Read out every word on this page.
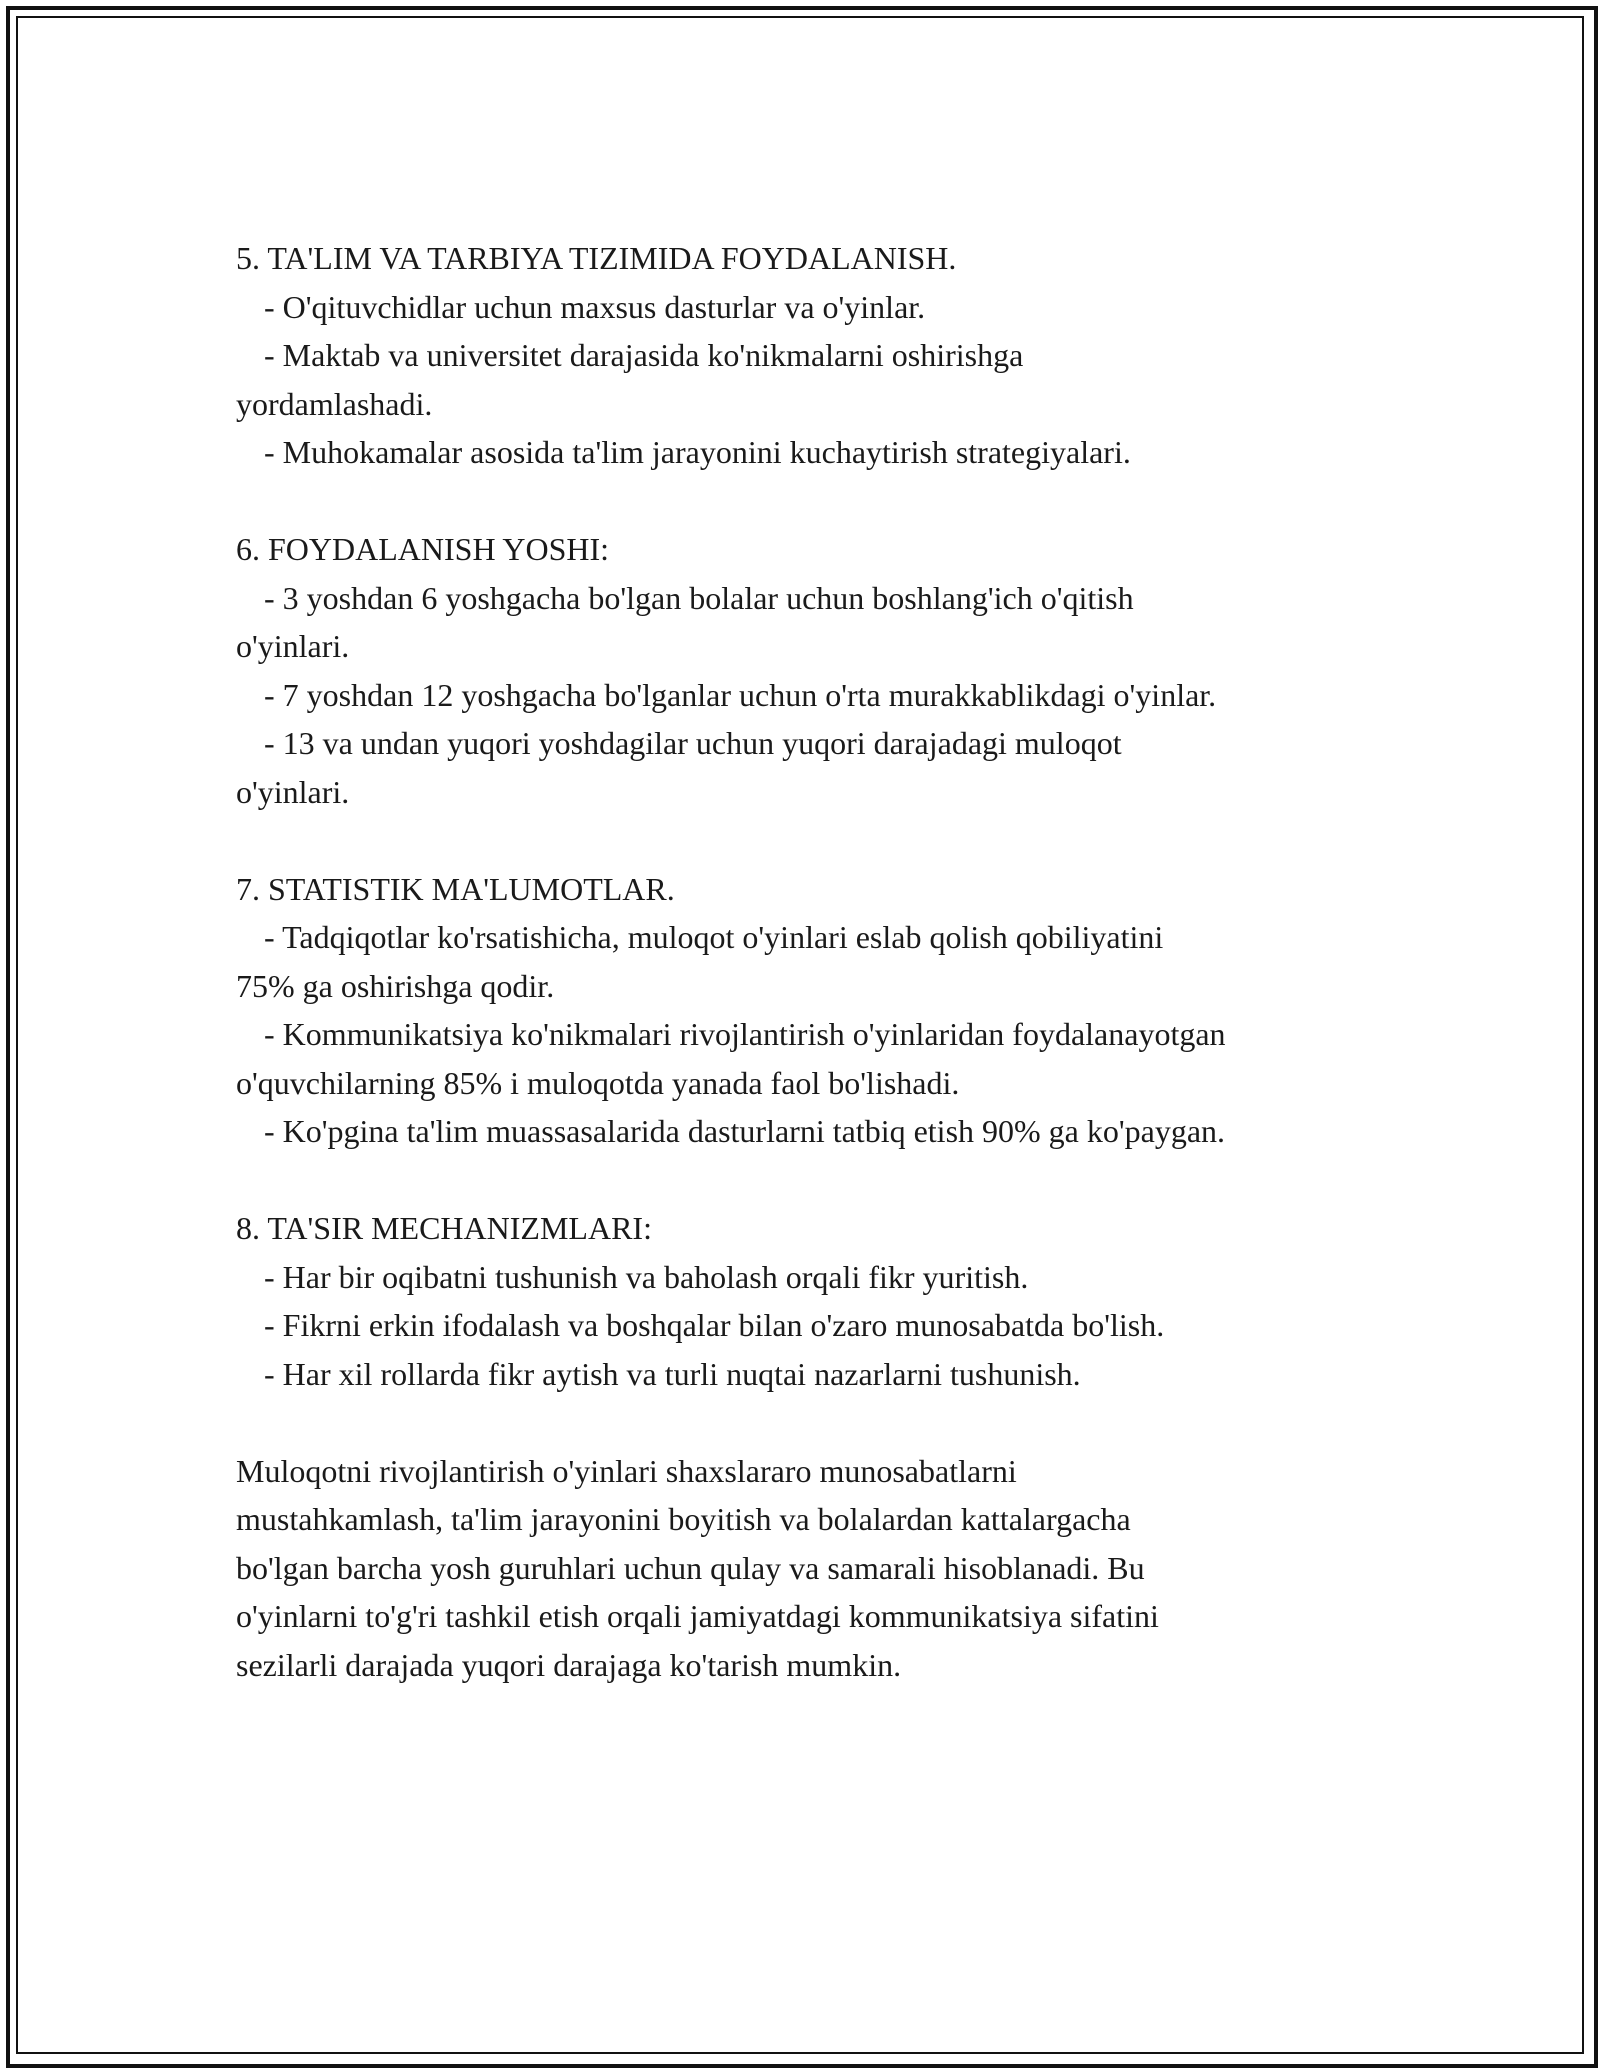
5. TA'LIM VA TARBIYA TIZIMIDA FOYDALANISH.
- O'qituvchidlar uchun maxsus dasturlar va o'yinlar.
- Maktab va universitet darajasida ko'nikmalarni oshirishga
yordamlashadi.
- Muhokamalar asosida ta'lim jarayonini kuchaytirish strategiyalari.
6. FOYDALANISH YOSHI:
- 3 yoshdan 6 yoshgacha bo'lgan bolalar uchun boshlang'ich o'qitish
o'yinlari.
- 7 yoshdan 12 yoshgacha bo'lganlar uchun o'rta murakkablikdagi o'yinlar.
- 13 va undan yuqori yoshdagilar uchun yuqori darajadagi muloqot
o'yinlari.
7. STATISTIK MA'LUMOTLAR.
- Tadqiqotlar ko'rsatishicha, muloqot o'yinlari eslab qolish qobiliyatini
75% ga oshirishga qodir.
- Kommunikatsiya ko'nikmalari rivojlantirish o'yinlaridan foydalanayotgan
o'quvchilarning 85% i muloqotda yanada faol bo'lishadi.
- Ko'pgina ta'lim muassasalarida dasturlarni tatbiq etish 90% ga ko'paygan.
8. TA'SIR MECHANIZMLARI:
- Har bir oqibatni tushunish va baholash orqali fikr yuritish.
- Fikrni erkin ifodalash va boshqalar bilan o'zaro munosabatda bo'lish.
- Har xil rollarda fikr aytish va turli nuqtai nazarlarni tushunish.
Muloqotni rivojlantirish o'yinlari shaxslararo munosabatlarni
mustahkamlash, ta'lim jarayonini boyitish va bolalardan kattalargacha
bo'lgan barcha yosh guruhlari uchun qulay va samarali hisoblanadi. Bu
o'yinlarni to'g'ri tashkil etish orqali jamiyatdagi kommunikatsiya sifatini
sezilarli darajada yuqori darajaga ko'tarish mumkin.
